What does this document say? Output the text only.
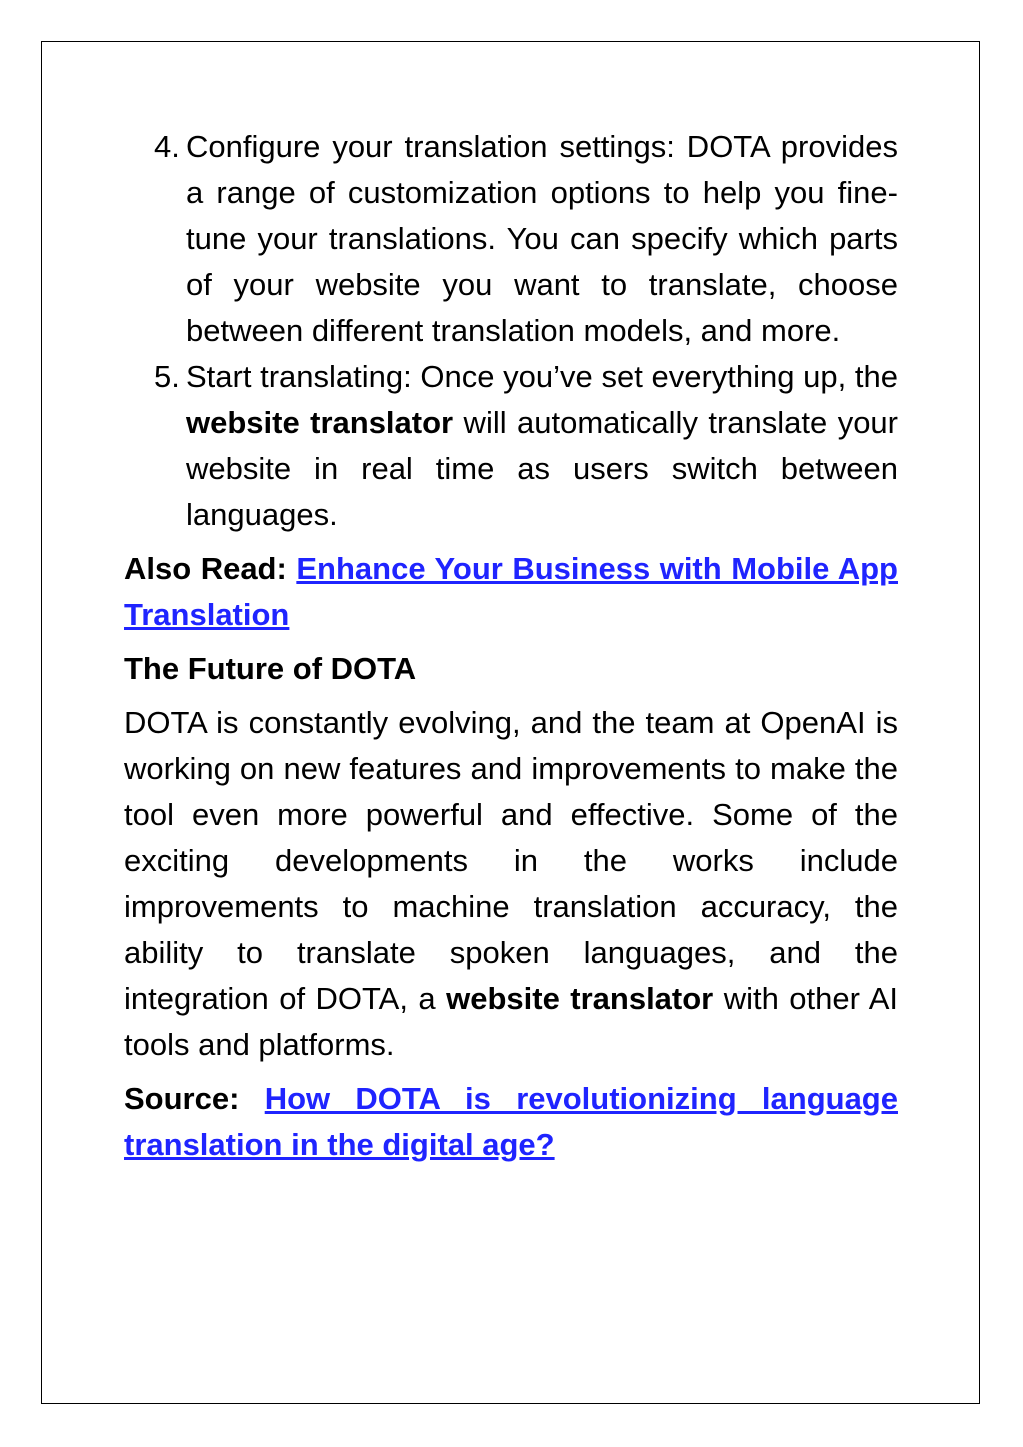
4. Configure your translation settings: DOTA provides a range of customization options to help you fine-tune your translations. You can specify which parts of your website you want to translate, choose between different translation models, and more.
5. Start translating: Once you’ve set everything up, the website translator will automatically translate your website in real time as users switch between languages.

Also Read: Enhance Your Business with Mobile App Translation

The Future of DOTA

DOTA is constantly evolving, and the team at OpenAI is working on new features and improvements to make the tool even more powerful and effective. Some of the exciting developments in the works include improvements to machine translation accuracy, the ability to translate spoken languages, and the integration of DOTA, a website translator with other AI tools and platforms.

Source: How DOTA is revolutionizing language translation in the digital age?
